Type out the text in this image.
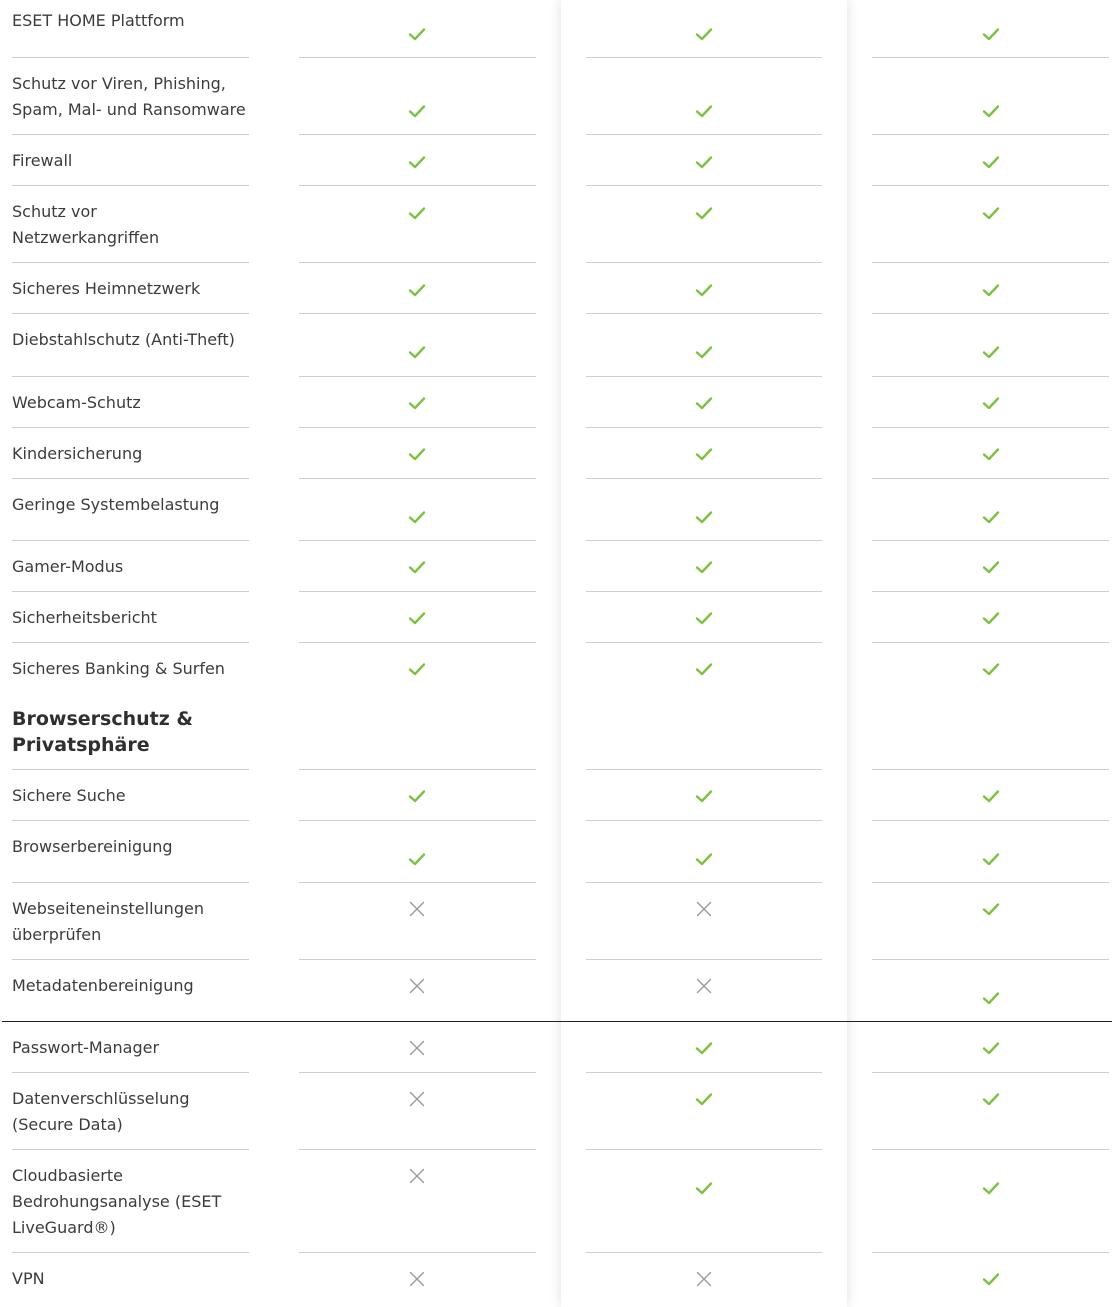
ESET HOME Plattform
Schutz vor Viren, Phishing, Spam, Mal- und Ransomware
Firewall
Schutz vor Netzwerkangriffen
Sicheres Heimnetzwerk
Diebstahlschutz (Anti-Theft)
Webcam-Schutz
Kindersicherung
Geringe Systembelastung
Gamer-Modus
Sicherheitsbericht
Sicheres Banking & Surfen
Browserschutz & Privatsphäre
Sichere Suche
Browserbereinigung
Webseiteneinstellungen überprüfen
Metadatenbereinigung
Passwort-Manager
Datenverschlüsselung (Secure Data)
Cloudbasierte Bedrohungsanalyse (ESET LiveGuard®)
VPN
